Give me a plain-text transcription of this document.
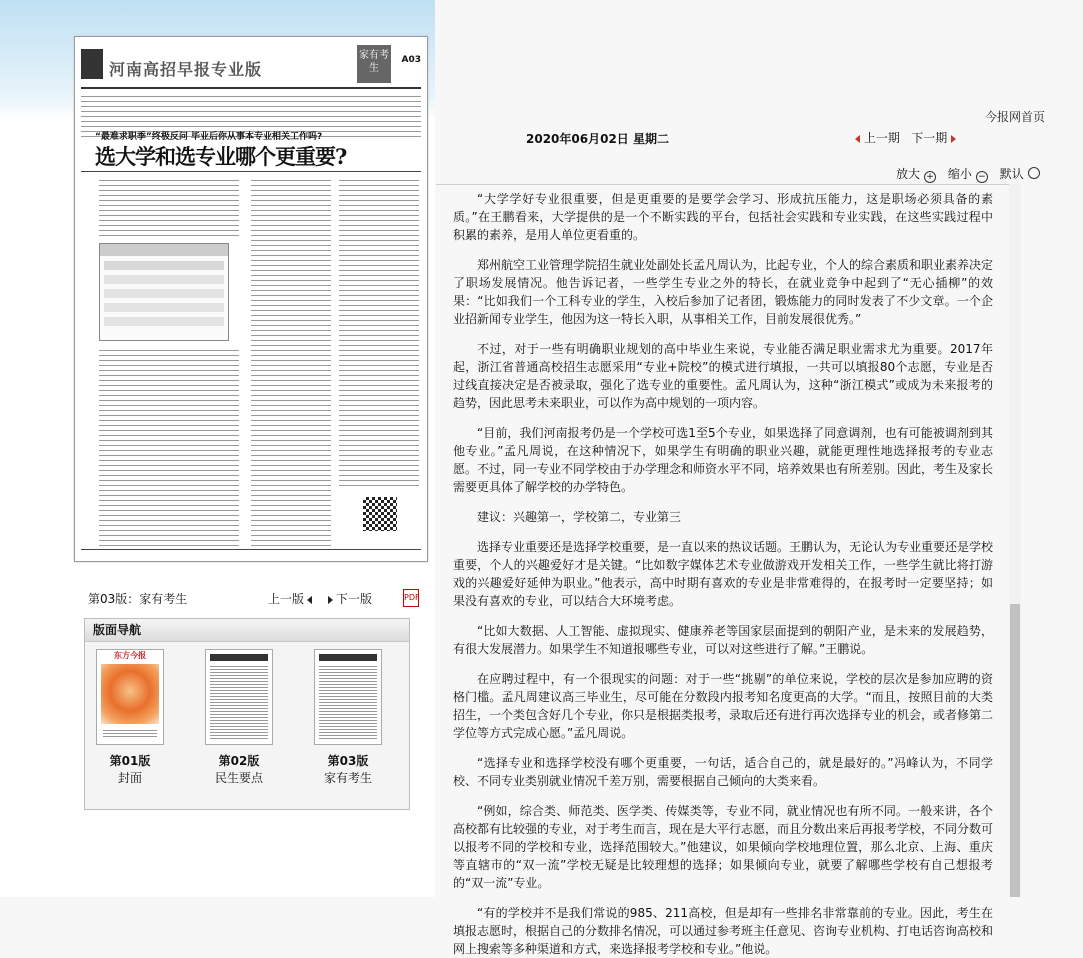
河南高招早报专业版
家有考生
A03
“最难求职季”终极反问 毕业后你从事本专业相关工作吗?
选大学和选专业哪个更重要?
第03版：家有考生	上一版	下一版	PDF
版面导航
东方今报
第01版
封面
第02版
民生要点
第03版
家有考生
今报网首页
2020年06月02日 星期二	上一期 下一期
放大 + 缩小 − 默认

“大学学好专业很重要，但是更重要的是要学会学习、形成抗压能力，这是职场必须具备的素质。”在王鹏看来，大学提供的是一个不断实践的平台，包括社会实践和专业实践，在这些实践过程中积累的素养，是用人单位更看重的。

郑州航空工业管理学院招生就业处副处长孟凡周认为，比起专业，个人的综合素质和职业素养决定了职场发展情况。他告诉记者，一些学生专业之外的特长，在就业竞争中起到了“无心插柳”的效果：“比如我们一个工科专业的学生，入校后参加了记者团，锻炼能力的同时发表了不少文章。一个企业招新闻专业学生，他因为这一特长入职，从事相关工作，目前发展很优秀。”

不过，对于一些有明确职业规划的高中毕业生来说，专业能否满足职业需求尤为重要。2017年起，浙江省普通高校招生志愿采用“专业+院校”的模式进行填报，一共可以填报80个志愿，专业是否过线直接决定是否被录取，强化了选专业的重要性。孟凡周认为，这种“浙江模式”或成为未来报考的趋势，因此思考未来职业，可以作为高中规划的一项内容。

“目前，我们河南报考仍是一个学校可选1至5个专业，如果选择了同意调剂，也有可能被调剂到其他专业。”孟凡周说，在这种情况下，如果学生有明确的职业兴趣，就能更理性地选择报考的专业志愿。不过，同一专业不同学校由于办学理念和师资水平不同，培养效果也有所差别。因此，考生及家长需要更具体了解学校的办学特色。

建议：兴趣第一，学校第二，专业第三

选择专业重要还是选择学校重要，是一直以来的热议话题。王鹏认为，无论认为专业重要还是学校重要，个人的兴趣爱好才是关键。“比如数字媒体艺术专业做游戏开发相关工作，一些学生就比将打游戏的兴趣爱好延伸为职业。”他表示，高中时期有喜欢的专业是非常难得的，在报考时一定要坚持；如果没有喜欢的专业，可以结合大环境考虑。

“比如大数据、人工智能、虚拟现实、健康养老等国家层面提到的朝阳产业，是未来的发展趋势，有很大发展潜力。如果学生不知道报哪些专业，可以对这些进行了解。”王鹏说。

在应聘过程中，有一个很现实的问题：对于一些“挑剔”的单位来说，学校的层次是参加应聘的资格门槛。孟凡周建议高三毕业生，尽可能在分数段内报考知名度更高的大学。“而且，按照目前的大类招生，一个类包含好几个专业，你只是根据类报考，录取后还有进行再次选择专业的机会，或者修第二学位等方式完成心愿。”孟凡周说。

“选择专业和选择学校没有哪个更重要，一句话，适合自己的，就是最好的。”冯峰认为，不同学校、不同专业类别就业情况千差万别，需要根据自己倾向的大类来看。

“例如，综合类、师范类、医学类、传媒类等，专业不同，就业情况也有所不同。一般来讲，各个高校都有比较强的专业，对于考生而言，现在是大平行志愿，而且分数出来后再报考学校，不同分数可以报考不同的学校和专业，选择范围较大。”他建议，如果倾向学校地理位置，那么北京、上海、重庆等直辖市的“双一流”学校无疑是比较理想的选择；如果倾向专业，就要了解哪些学校有自己想报考的“双一流”专业。

“有的学校并不是我们常说的985、211高校，但是却有一些排名非常靠前的专业。因此，考生在填报志愿时，根据自己的分数排名情况，可以通过参考班主任意见、咨询专业机构、打电话咨询高校和网上搜索等多种渠道和方式，来选择报考学校和专业。”他说。
